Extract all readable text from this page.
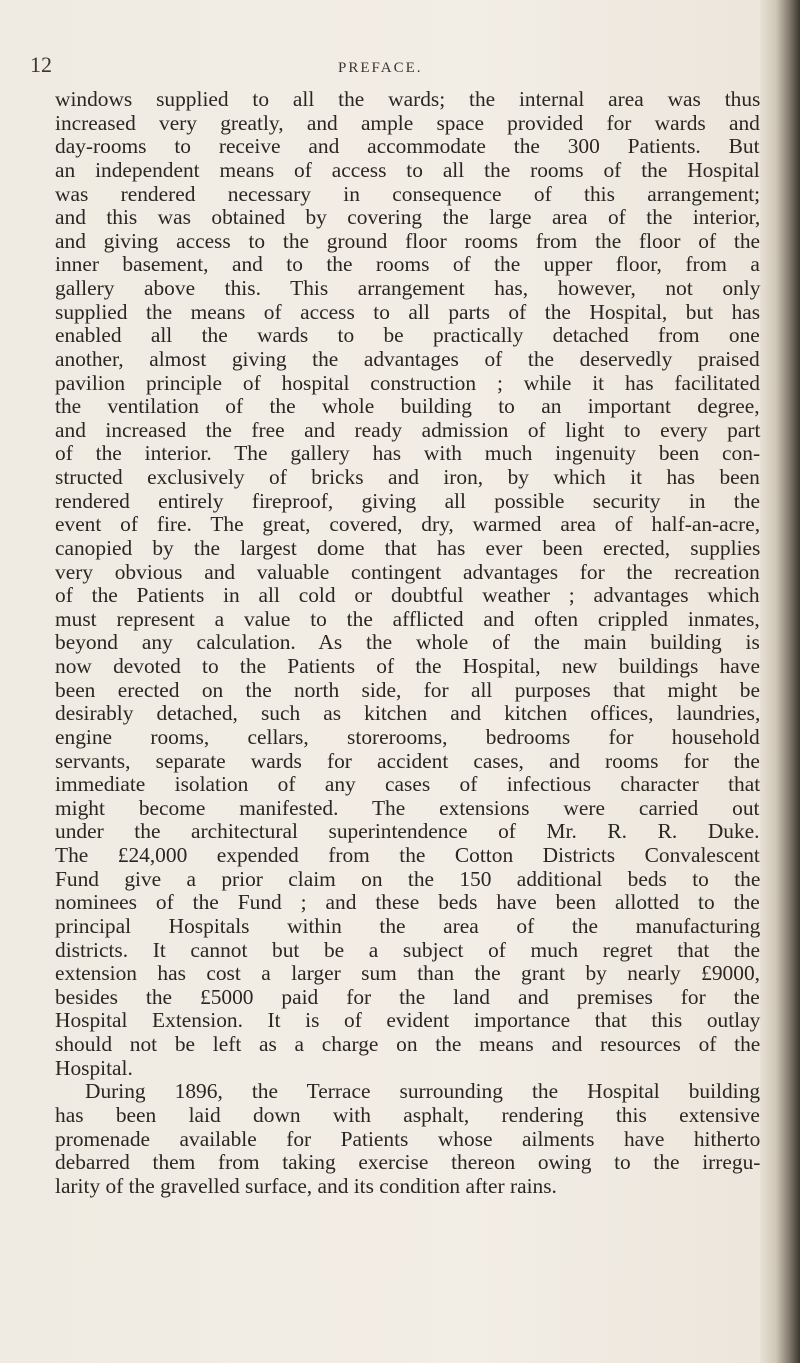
12	PREFACE.
windows supplied to all the wards; the internal area was thus
increased very greatly, and ample space provided for wards and
day-rooms to receive and accommodate the 300 Patients. But
an independent means of access to all the rooms of the Hospital
was rendered necessary in consequence of this arrangement;
and this was obtained by covering the large area of the interior,
and giving access to the ground floor rooms from the floor of the
inner basement, and to the rooms of the upper floor, from a
gallery above this. This arrangement has, however, not only
supplied the means of access to all parts of the Hospital, but has
enabled all the wards to be practically detached from one
another, almost giving the advantages of the deservedly praised
pavilion principle of hospital construction ; while it has facilitated
the ventilation of the whole building to an important degree,
and increased the free and ready admission of light to every part
of the interior. The gallery has with much ingenuity been con-
structed exclusively of bricks and iron, by which it has been
rendered entirely fireproof, giving all possible security in the
event of fire. The great, covered, dry, warmed area of half-an-acre,
canopied by the largest dome that has ever been erected, supplies
very obvious and valuable contingent advantages for the recreation
of the Patients in all cold or doubtful weather ; advantages which
must represent a value to the afflicted and often crippled inmates,
beyond any calculation. As the whole of the main building is
now devoted to the Patients of the Hospital, new buildings have
been erected on the north side, for all purposes that might be
desirably detached, such as kitchen and kitchen offices, laundries,
engine rooms, cellars, storerooms, bedrooms for household
servants, separate wards for accident cases, and rooms for the
immediate isolation of any cases of infectious character that
might become manifested. The extensions were carried out
under the architectural superintendence of Mr. R. R. Duke.
The £24,000 expended from the Cotton Districts Convalescent
Fund give a prior claim on the 150 additional beds to the
nominees of the Fund ; and these beds have been allotted to the
principal Hospitals within the area of the manufacturing
districts. It cannot but be a subject of much regret that the
extension has cost a larger sum than the grant by nearly £9000,
besides the £5000 paid for the land and premises for the
Hospital Extension. It is of evident importance that this outlay
should not be left as a charge on the means and resources of the
Hospital.
During 1896, the Terrace surrounding the Hospital building
has been laid down with asphalt, rendering this extensive
promenade available for Patients whose ailments have hitherto
debarred them from taking exercise thereon owing to the irregu-
larity of the gravelled surface, and its condition after rains.
